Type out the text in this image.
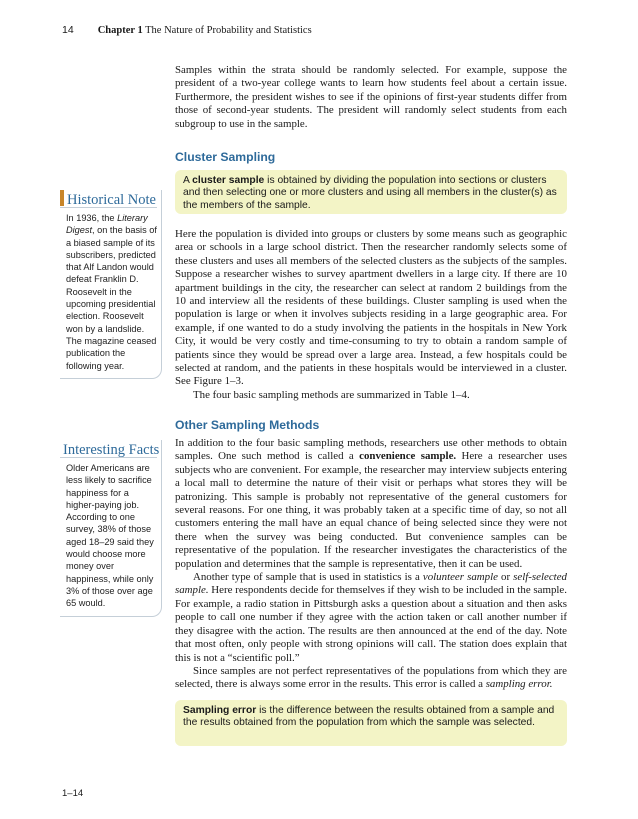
14 Chapter 1 The Nature of Probability and Statistics

Samples within the strata should be randomly selected. For example, suppose the president of a two-year college wants to learn how students feel about a certain issue. Furthermore, the president wishes to see if the opinions of first-year students differ from those of second-year students. The president will randomly select students from each subgroup to use in the sample.

Cluster Sampling
A cluster sample is obtained by dividing the population into sections or clusters and then selecting one or more clusters and using all members in the cluster(s) as the members of the sample.

Here the population is divided into groups or clusters by some means such as geographic area or schools in a large school district. Then the researcher randomly selects some of these clusters and uses all members of the selected clusters as the subjects of the samples. Suppose a researcher wishes to survey apartment dwellers in a large city. If there are 10 apartment buildings in the city, the researcher can select at random 2 buildings from the 10 and interview all the residents of these buildings. Cluster sampling is used when the population is large or when it involves subjects residing in a large geographic area. For example, if one wanted to do a study involving the patients in the hospitals in New York City, it would be very costly and time-consuming to try to obtain a random sample of patients since they would be spread over a large area. Instead, a few hospitals could be selected at random, and the patients in these hospitals would be interviewed in a cluster. See Figure 1–3.

The four basic sampling methods are summarized in Table 1–4.

Other Sampling Methods

In addition to the four basic sampling methods, researchers use other methods to obtain samples. One such method is called a convenience sample. Here a researcher uses subjects who are convenient. For example, the researcher may interview subjects entering a local mall to determine the nature of their visit or perhaps what stores they will be patronizing. This sample is probably not representative of the general customers for several reasons. For one thing, it was probably taken at a specific time of day, so not all customers entering the mall have an equal chance of being selected since they were not there when the survey was being conducted. But convenience samples can be representative of the population. If the researcher investigates the characteristics of the population and determines that the sample is representative, then it can be used.

Another type of sample that is used in statistics is a volunteer sample or self-selected sample. Here respondents decide for themselves if they wish to be included in the sample. For example, a radio station in Pittsburgh asks a question about a situation and then asks people to call one number if they agree with the action taken or call another number if they disagree with the action. The results are then announced at the end of the day. Note that most often, only people with strong opinions will call. The station does explain that this is not a “scientific poll.”

Since samples are not perfect representatives of the populations from which they are selected, there is always some error in the results. This error is called a sampling error.

Sampling error is the difference between the results obtained from a sample and the results obtained from the population from which the sample was selected.
Historical Note
In 1936, the Literary Digest, on the basis of a biased sample of its subscribers, predicted that Alf Landon would defeat Franklin D. Roosevelt in the upcoming presidential election. Roosevelt won by a landslide. The magazine ceased publication the following year.
Interesting
Facts
Older Americans are less likely to sacrifice happiness for a higher-paying job. According to one survey, 38% of those aged 18–29 said they would choose more money over happiness, while only 3% of those over age 65 would.
1–14
